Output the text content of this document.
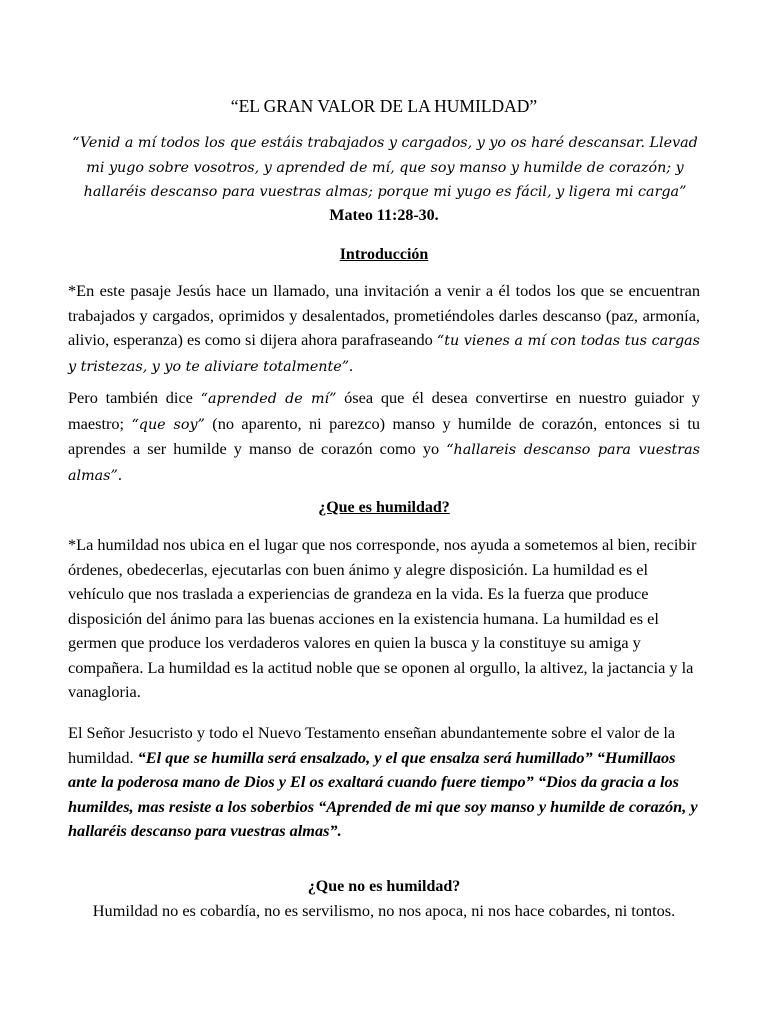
“EL GRAN VALOR DE LA HUMILDAD”
“Venid a mí todos los que estáis trabajados y cargados, y yo os haré descansar. Llevad mi yugo sobre vosotros, y aprended de mí, que soy manso y humilde de corazón; y hallaréis descanso para vuestras almas; porque mi yugo es fácil, y ligera mi carga”
Mateo 11:28-30.
Introducción
*En este pasaje Jesús hace un llamado, una invitación a venir a él todos los que se encuentran trabajados y cargados, oprimidos y desalentados, prometiéndoles darles descanso (paz, armonía, alivio, esperanza) es como si dijera ahora parafraseando “tu vienes a mí con todas tus cargas y tristezas, y yo te aliviare totalmente”.
Pero también dice “aprended de mí” ósea que él desea convertirse en nuestro guiador y maestro; “que soy” (no aparento, ni parezco) manso y humilde de corazón, entonces si tu aprendes a ser humilde y manso de corazón como yo “hallareis descanso para vuestras almas”.
¿Que es humildad?
*La humildad nos ubica en el lugar que nos corresponde, nos ayuda a sometemos al bien, recibir órdenes, obedecerlas, ejecutarlas con buen ánimo y alegre disposición. La humildad es el vehículo que nos traslada a experiencias de grandeza en la vida. Es la fuerza que produce disposición del ánimo para las buenas acciones en la existencia humana. La humildad es el germen que produce los verdaderos valores en quien la busca y la constituye su amiga y compañera. La humildad es la actitud noble que se oponen al orgullo, la altivez, la jactancia y la vanagloria.
El Señor Jesucristo y todo el Nuevo Testamento enseñan abundantemente sobre el valor de la humildad. “El que se humilla será ensalzado, y el que ensalza será humillado” “Humillaos ante la poderosa mano de Dios y El os exaltará cuando fuere tiempo” “Dios da gracia a los humildes, mas resiste a los soberbios “Aprended de mi que soy manso y humilde de corazón, y hallaréis descanso para vuestras almas”.
¿Que no es humildad?
Humildad no es cobardía, no es servilismo, no nos apoca, ni nos hace cobardes, ni tontos.
